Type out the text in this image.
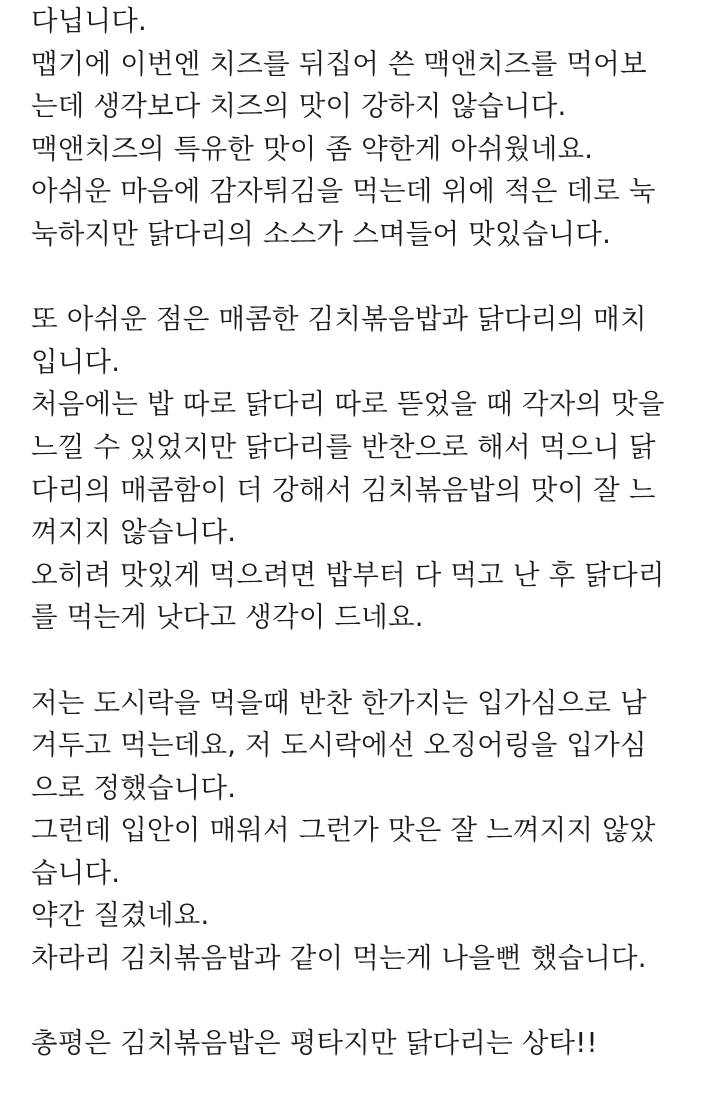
다닙니다.
맵기에 이번엔 치즈를 뒤집어 쓴 맥앤치즈를 먹어보
는데 생각보다 치즈의 맛이 강하지 않습니다.
맥앤치즈의 특유한 맛이 좀 약한게 아쉬웠네요.
아쉬운 마음에 감자튀김을 먹는데 위에 적은 데로 눅
눅하지만 닭다리의 소스가 스며들어 맛있습니다.
또 아쉬운 점은 매콤한 김치볶음밥과 닭다리의 매치
입니다.
처음에는 밥 따로 닭다리 따로 뜯었을 때 각자의 맛을
느낄 수 있었지만 닭다리를 반찬으로 해서 먹으니 닭
다리의 매콤함이 더 강해서 김치볶음밥의 맛이 잘 느
껴지지 않습니다.
오히려 맛있게 먹으려면 밥부터 다 먹고 난 후 닭다리
를 먹는게 낫다고 생각이 드네요.
저는 도시락을 먹을때 반찬 한가지는 입가심으로 남
겨두고 먹는데요, 저 도시락에선 오징어링을 입가심
으로 정했습니다.
그런데 입안이 매워서 그런가 맛은 잘 느껴지지 않았
습니다.
약간 질겼네요.
차라리 김치볶음밥과 같이 먹는게 나을뻔 했습니다.
총평은 김치볶음밥은 평타지만 닭다리는 상타!!
